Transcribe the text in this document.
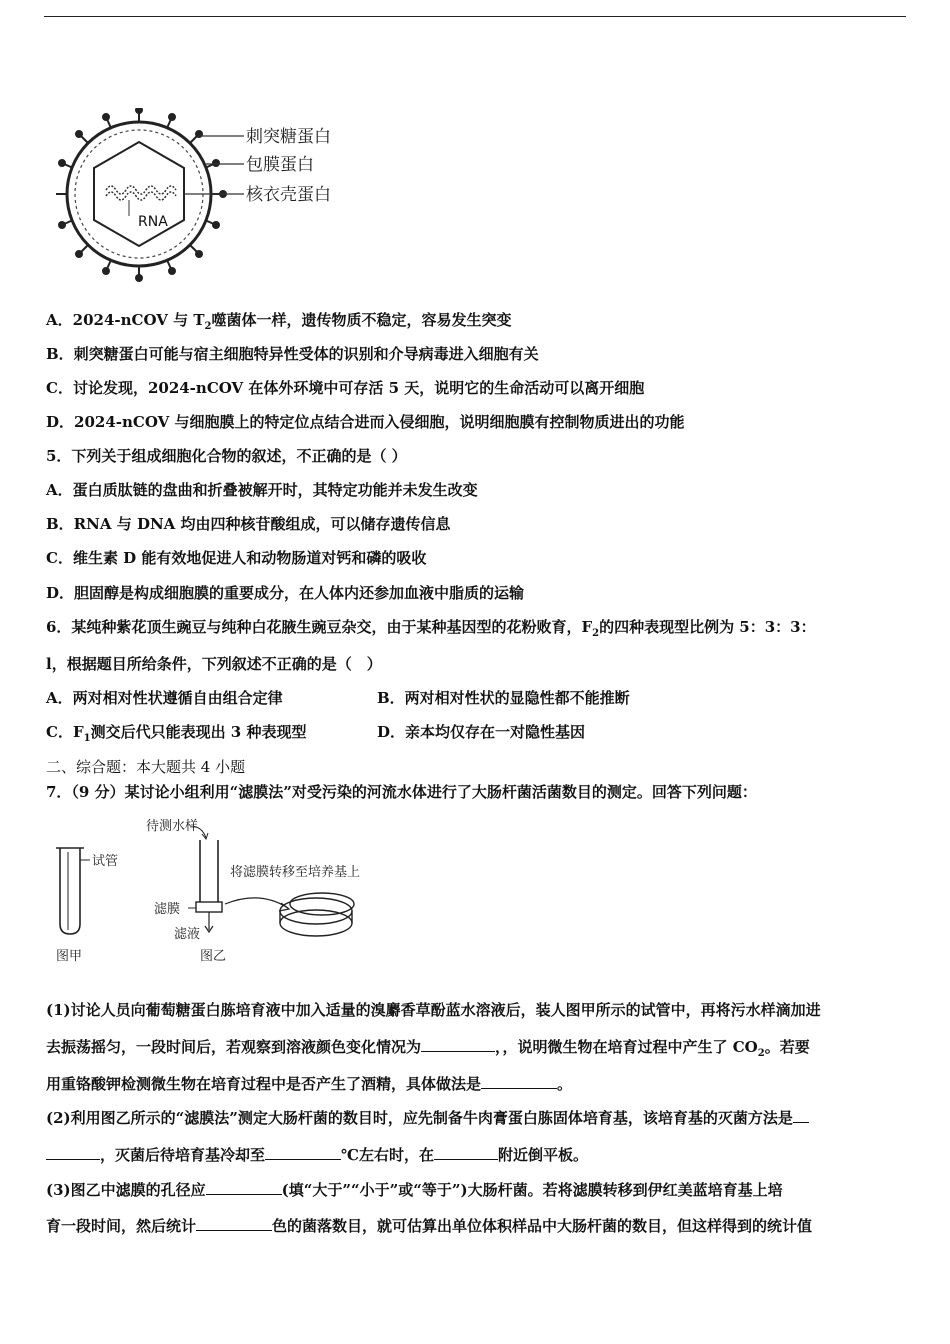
RNA
刺突糖蛋白
包膜蛋白
核衣壳蛋白
A．2024-nCOV 与 $T_2$噬菌体一样，遗传物质不稳定，容易发生突变
B．刺突糖蛋白可能与宿主细胞特异性受体的识别和介导病毒进入细胞有关
C．讨论发现，2024-nCOV 在体外环境中可存活 5 天，说明它的生命活动可以离开细胞
D．2024-nCOV 与细胞膜上的特定位点结合进而入侵细胞，说明细胞膜有控制物质进出的功能
5．下列关于组成细胞化合物的叙述，不正确的是（ ）
A．蛋白质肽链的盘曲和折叠被解开时，其特定功能并未发生改变
B．RNA 与 DNA 均由四种核苷酸组成，可以储存遗传信息
C．维生素 D 能有效地促进人和动物肠道对钙和磷的吸收
D．胆固醇是构成细胞膜的重要成分，在人体内还参加血液中脂质的运输
6．某纯种紫花顶生豌豆与纯种白花腋生豌豆杂交，由于某种基因型的花粉败育，$F_2$的四种表现型比例为 5：3：3：
l，根据题目所给条件，下列叙述不正确的是（　）
A．两对相对性状遵循自由组合定律	B．两对相对性状的显隐性都不能推断
C．$F_1$测交后代只能表现出 3 种表现型	D．亲本均仅存在一对隐性基因
二、综合题：本大题共 4 小题
7．（9 分）某讨论小组利用“滤膜法”对受污染的河流水体进行了大肠杆菌活菌数目的测定。回答下列问题：
试管
图甲
待测水样
将滤膜转移至培养基上
滤膜
滤液
图乙
(1)讨论人员向葡萄糖蛋白胨培育液中加入适量的溴麝香草酚蓝水溶液后，装人图甲所示的试管中，再将污水样滴加进
去振荡摇匀，一段时间后，若观察到溶液颜色变化情况为	，，说明微生物在培育过程中产生了 $CO_2$。若要
用重铬酸钾检测微生物在培育过程中是否产生了酒精，具体做法是	。
(2)利用图乙所示的“滤膜法”测定大肠杆菌的数目时，应先制备牛肉膏蛋白胨固体培育基，该培育基的灭菌方法是
，灭菌后待培育基冷却至	℃左右时，在	附近倒平板。
(3)图乙中滤膜的孔径应	(填“大于”“小于”或“等于”)大肠杆菌。若将滤膜转移到伊红美蓝培育基上培
育一段时间，然后统计	色的菌落数目，就可估算出单位体积样品中大肠杆菌的数目，但这样得到的统计值
